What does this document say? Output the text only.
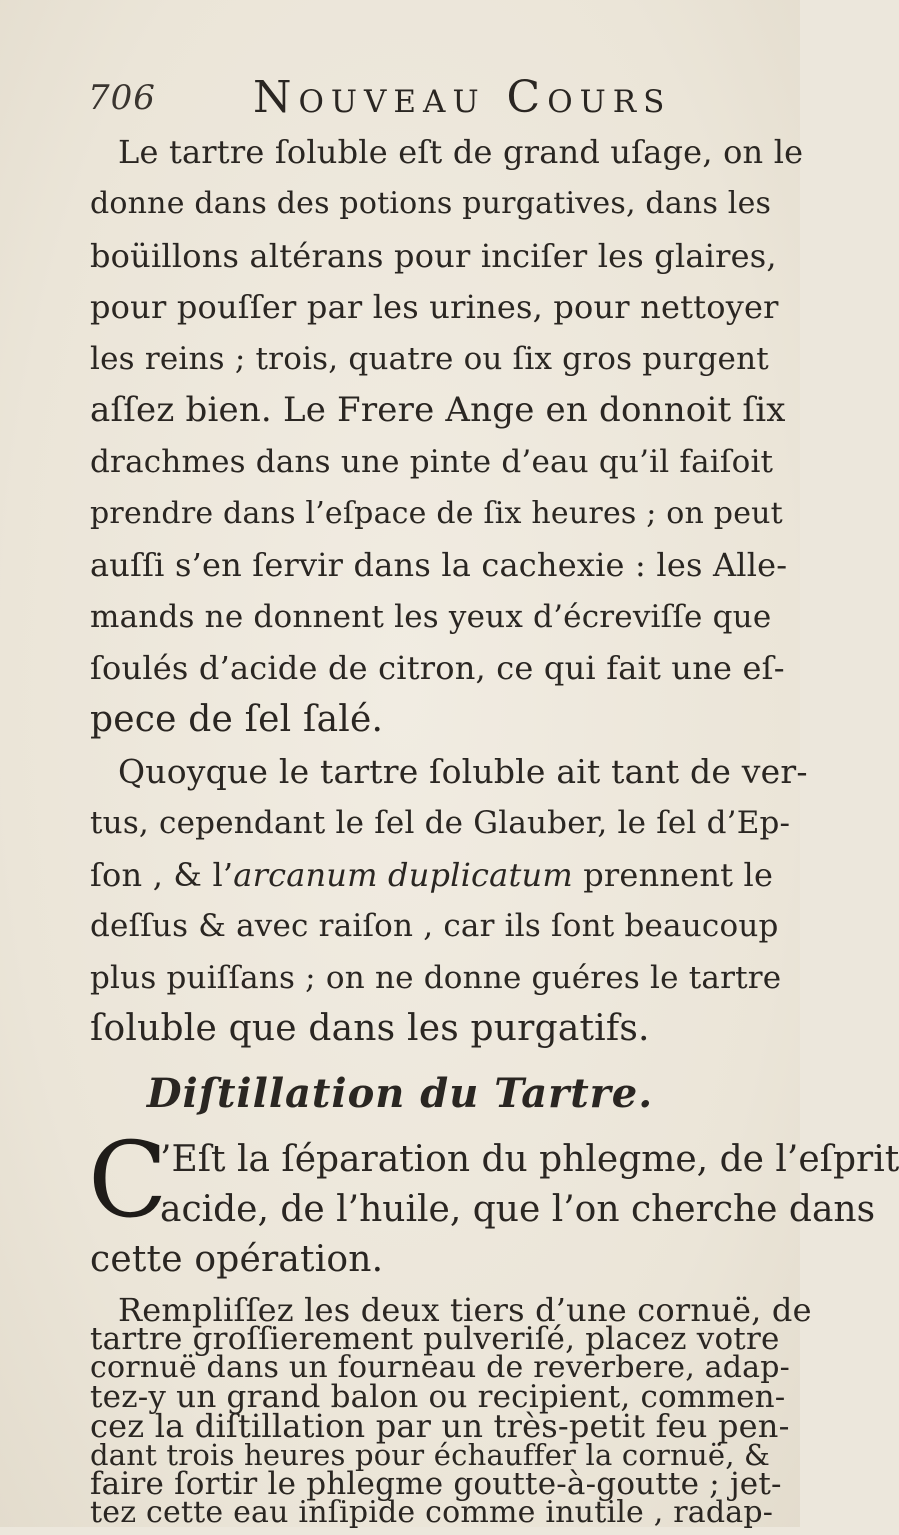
706 Nouveau Cours
Le tartre ſoluble eſt de grand uſage, on le
donne dans des potions purgatives, dans les
boüillons altérans pour inciſer les glaires,
pour pouſſer par les urines, pour nettoyer
les reins ; trois, quatre ou ſix gros purgent
aſſez bien. Le Frere Ange en donnoit ſix
drachmes dans une pinte d’eau qu’il faiſoit
prendre dans l’eſpace de ſix heures ; on peut
auſſi s’en ſervir dans la cachexie : les Alle-
mands ne donnent les yeux d’écreviſſe que
ſoulés d’acide de citron, ce qui fait une eſ-
pece de ſel ſalé.
Quoyque le tartre ſoluble ait tant de ver-
tus, cependant le ſel de Glauber, le ſel d’Ep-
ſon , & l’arcanum duplicatum prennent le
deſſus & avec raiſon , car ils ſont beaucoup
plus puiſſans ; on ne donne guéres le tartre
ſoluble que dans les purgatifs.
Diſtillation du Tartre.
C
’Eſt la ſéparation du phlegme, de l’eſprit
acide, de l’huile, que l’on cherche dans
cette opération.
Rempliſſez les deux tiers d’une cornuë, de
tartre groſſierement pulveriſé, placez votre
cornuë dans un fourneau de reverbere, adap-
tez-y un grand balon ou recipient, commen-
cez la diſtillation par un très-petit feu pen-
dant trois heures pour échauffer la cornuë, &
faire ſortir le phlegme goutte-à-goutte ; jet-
tez cette eau inſipide comme inutile , radap-
